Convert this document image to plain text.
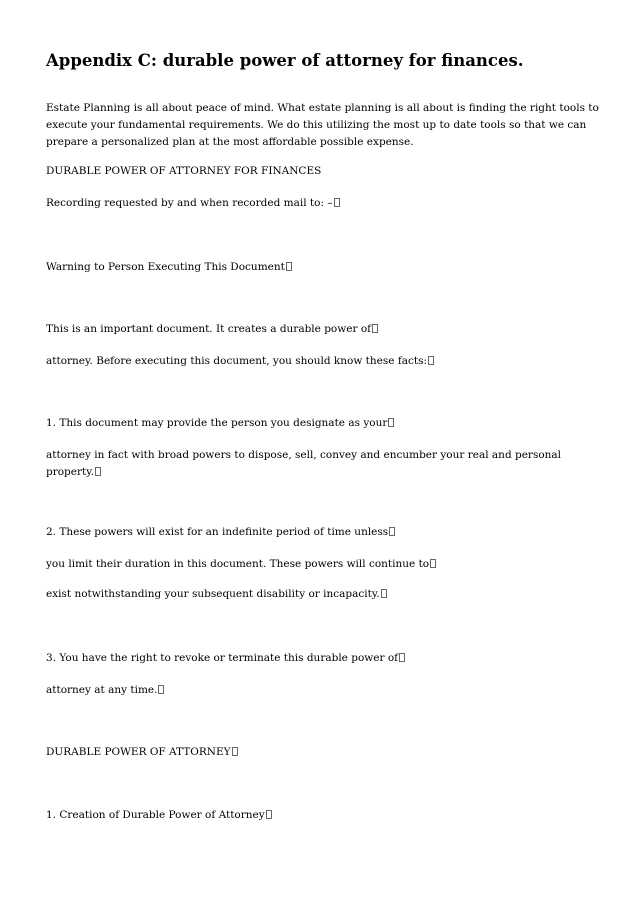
Appendix C: durable power of attorney for finances.
Estate Planning is all about peace of mind. What estate planning is all about is finding the right tools to execute your fundamental requirements. We do this utilizing the most up to date tools so that we can prepare a personalized plan at the most affordable possible expense.
DURABLE POWER OF ATTORNEY FOR FINANCES
Recording requested by and when recorded mail to: –
Warning to Person Executing This Document
This is an important document. It creates a durable power of
attorney. Before executing this document, you should know these facts:
1. This document may provide the person you designate as your
attorney in fact with broad powers to dispose, sell, convey and encumber your real and personal property.
2. These powers will exist for an indefinite period of time unless
you limit their duration in this document. These powers will continue to
exist notwithstanding your subsequent disability or incapacity.
3. You have the right to revoke or terminate this durable power of
attorney at any time.
DURABLE POWER OF ATTORNEY
1. Creation of Durable Power of Attorney
